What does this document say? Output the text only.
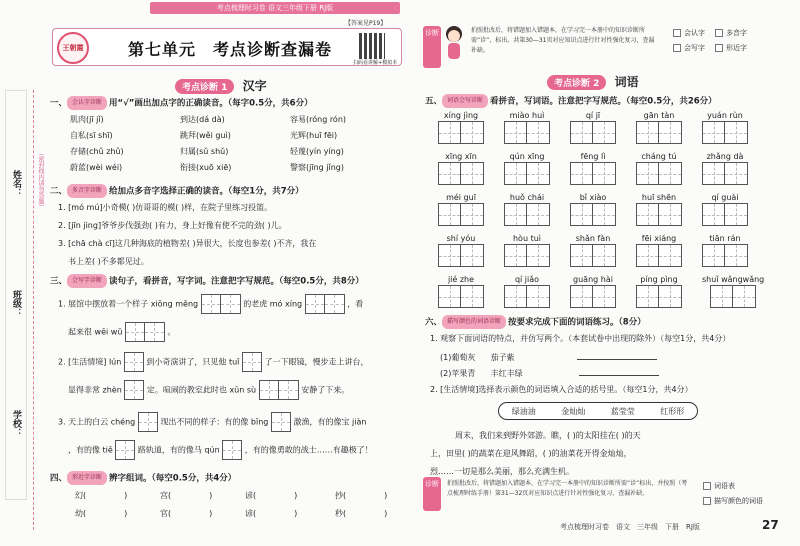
考点梳理时习卷 语文三年级下册 RJ版
【答案见P19】
王朝霞	第七单元　考点诊断查漏卷
扫码看讲解+模拟本
姓名：
班级：
学校：
（密封线内请勿答题）
考点诊断 1 汉字
一、 会认字诊断 用“√”画出加点字的正确读音。（每字0.5分，共6分）
肌肉(jī jǐ)	到达(dá dà)	容易(róng rón)
自私(sī shī)	跳拜(wěi guì)	光辉(huī fēi)
存储(chǔ zhǔ)	归属(sǔ shǔ)	轻蔑(yín yíng)
蔚蓝(wèi wéi)	衔接(xuō xiē)	警察(jīng jǐng)
二、 多音字诊断 给加点多音字选择正确的读音。（每空1分，共7分）
1. [mó mú]小奇模( )仿哥哥的模( )样，在院子里练习投篮。
2. [jīn jìng]爷爷步伐强劲( )有力，身上好像有使不完的劲( )儿。
3. [chā chà cī]这几种海底的植物差( )异很大，长度也参差( )不齐，我在
书上差( )不多都见过。
三、 会写字诊断 读句子，看拼音，写字词。注意把字写规范。（每空0.5分，共8分）
1. 展馆中摆放着一个样子 xiōng měng	的老虎 mó xíng	，看
起来很 wēi wǔ	。
2. [生活情境] lún	到小奇演讲了，只见他 tuǐ	了一下眼镜，慢步走上讲台，
显得非常 zhèn	定。喧闹的教室此时也 xūn sù	安静了下来。
3. 天上的白云 chéng	现出不同的样子：有的像 bīng	激渔，有的像宝 jiàn
，有的像 tiě	路轨道，有的像马 qún	，有的像勇敢的战士……有趣极了！
四、 形近字诊断 辨字组词。（每空0.5分，共4分）
幻(	)	宫(	)	谚(	)	抄(	)
幼(	)	官(	)	谚(	)	秒(	)
诊断	拍照批改后，将错题加入错题本，在学习完一本册中的知识诊断所需“诊”，标出。共第30—31页对应知识点进行针对性强化复习，查漏补缺。
会认字	多音字
会写字	形近字
考点诊断 2 词语
五、 词语会写诊断 看拼音，写词语。注意把字写规范。（每空0.5分，共26分）
xíng jìng	miào huì	qí jī	gān tàn	yuán rùn
xīng xīn	qún xīng	fēng lì	cháng tú	zhǎng dà
méi guī	huǒ chái	bǐ xiào	huī shēn	qí guài
shí yóu	hòu tuì	shǎn fàn	fēi xiáng	tiān rán
jié zhe	qí jiǎo	guāng hài	píng pìng	shuǐ wǎngwǎng
六、 描写颜色的词语诊断 按要求完成下面的词语练习。（8分）
1. 观察下面词语的特点，并仿写两个。（本套试卷中出现的除外）（每空1分，共4分）
(1)葡萄灰 茄子紫
(2)苹果青 丰红丰绿
2. [生活情境]选择表示颜色的词语填入合适的括号里。（每空1分，共4分）
绿油油	金灿灿	蓝莹莹	红形形
周末，我们来到野外郊游。瞧，( )的太阳挂在( )的天
上，田里( )的蔬菜在迎风舞蹈，( )的油菜花开得金灿灿，
烈……一切是那么美丽，那么充满生机。
诊断	拍照批改后，将错题加入错题本，在学习完一本册中的知识诊断所需“诊”标出，并按照（考点梳理时练手册）第31—32页对应知识点进行针对性强化复习，查漏补缺。
词语表
描写颜色的词语
考点梳理时习卷　语文　三年级　下册　RJ版	27
